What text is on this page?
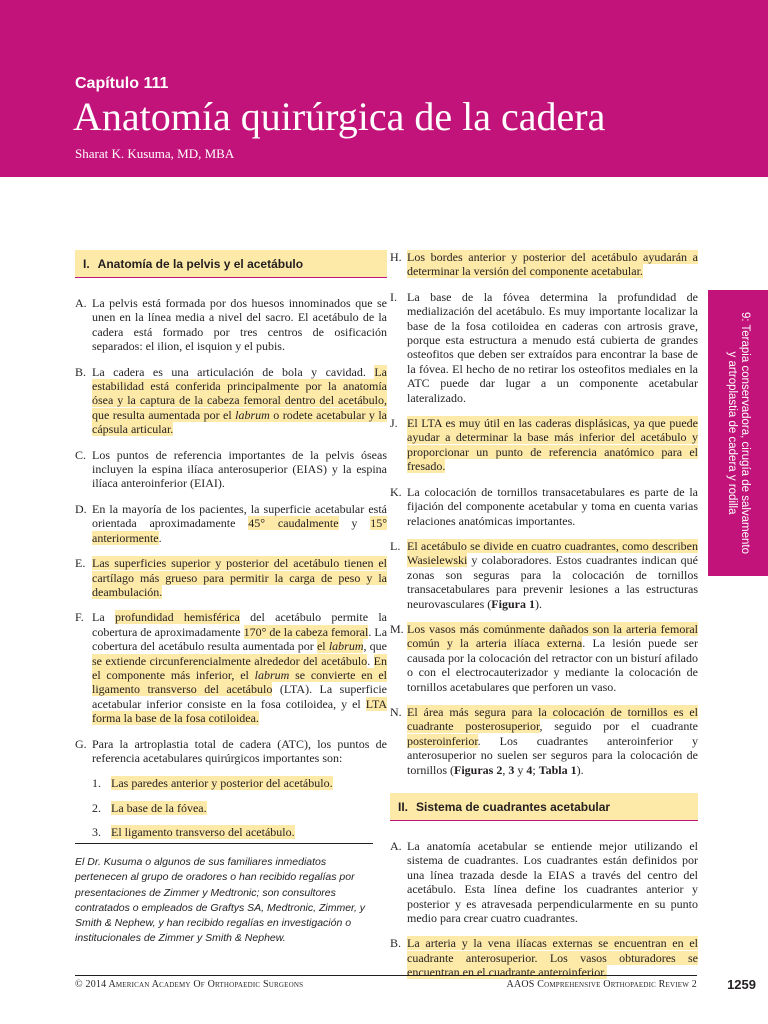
Capítulo 111
Anatomía quirúrgica de la cadera
Sharat K. Kusuma, MD, MBA
9: Terapia conservadora, cirugía de salvamento
y artroplastia de cadera y rodilla
I. Anatomía de la pelvis y el acetábulo
A. La pelvis está formada por dos huesos innominados que se unen en la línea media a nivel del sacro. El acetábulo de la cadera está formado por tres centros de osificación separados: el ilion, el isquion y el pubis.
B. La cadera es una articulación de bola y cavidad. La estabilidad está conferida principalmente por la anatomía ósea y la captura de la cabeza femoral dentro del acetábulo, que resulta aumentada por el labrum o rodete acetabular y la cápsula articular.
C. Los puntos de referencia importantes de la pelvis óseas incluyen la espina ilíaca anterosuperior (EIAS) y la espina ilíaca anteroinferior (EIAI).
D. En la mayoría de los pacientes, la superficie acetabular está orientada aproximadamente 45° caudalmente y 15° anteriormente.
E. Las superficies superior y posterior del acetábulo tienen el cartílago más grueso para permitir la carga de peso y la deambulación.
F. La profundidad hemisférica del acetábulo permite la cobertura de aproximadamente 170° de la cabeza femoral. La cobertura del acetábulo resulta aumentada por el labrum, que se extiende circunferencialmente alrededor del acetábulo. En el componente más inferior, el labrum se convierte en el ligamento transverso del acetábulo (LTA). La superficie acetabular inferior consiste en la fosa cotiloidea, y el LTA forma la base de la fosa cotiloidea.
G. Para la artroplastia total de cadera (ATC), los puntos de referencia acetabulares quirúrgicos importantes son:
1. Las paredes anterior y posterior del acetábulo.
2. La base de la fóvea.
3. El ligamento transverso del acetábulo.
H. Los bordes anterior y posterior del acetábulo ayudarán a determinar la versión del componente acetabular.
I. La base de la fóvea determina la profundidad de medialización del acetábulo. Es muy importante localizar la base de la fosa cotiloidea en caderas con artrosis grave, porque esta estructura a menudo está cubierta de grandes osteofitos que deben ser extraídos para encontrar la base de la fóvea. El hecho de no retirar los osteofitos mediales en la ATC puede dar lugar a un componente acetabular lateralizado.
J. El LTA es muy útil en las caderas displásicas, ya que puede ayudar a determinar la base más inferior del acetábulo y proporcionar un punto de referencia anatómico para el fresado.
K. La colocación de tornillos transacetabulares es parte de la fijación del componente acetabular y toma en cuenta varias relaciones anatómicas importantes.
L. El acetábulo se divide en cuatro cuadrantes, como describen Wasielewski y colaboradores. Estos cuadrantes indican qué zonas son seguras para la colocación de tornillos transacetabulares para prevenir lesiones a las estructuras neurovasculares (Figura 1).
M. Los vasos más comúnmente dañados son la arteria femoral común y la arteria ilíaca externa. La lesión puede ser causada por la colocación del retractor con un bisturí afilado o con el electrocauterizador y mediante la colocación de tornillos acetabulares que perforen un vaso.
N. El área más segura para la colocación de tornillos es el cuadrante posterosuperior, seguido por el cuadrante posteroinferior. Los cuadrantes anteroinferior y anterosuperior no suelen ser seguros para la colocación de tornillos (Figuras 2, 3 y 4; Tabla 1).
II. Sistema de cuadrantes acetabular
A. La anatomía acetabular se entiende mejor utilizando el sistema de cuadrantes. Los cuadrantes están definidos por una línea trazada desde la EIAS a través del centro del acetábulo. Esta línea define los cuadrantes anterior y posterior y es atravesada perpendicularmente en su punto medio para crear cuatro cuadrantes.
B. La arteria y la vena ilíacas externas se encuentran en el cuadrante anterosuperior. Los vasos obturadores se encuentran en el cuadrante anteroinferior.
El Dr. Kusuma o algunos de sus familiares inmediatos pertenecen al grupo de oradores o han recibido regalías por presentaciones de Zimmer y Medtronic; son consultores contratados o empleados de Graftys SA, Medtronic, Zimmer, y Smith & Nephew, y han recibido regalías en investigación o institucionales de Zimmer y Smith & Nephew.
© 2014 American Academy Of Orthopaedic Surgeons	AAOS Comprehensive Orthopaedic Review 2	1259
